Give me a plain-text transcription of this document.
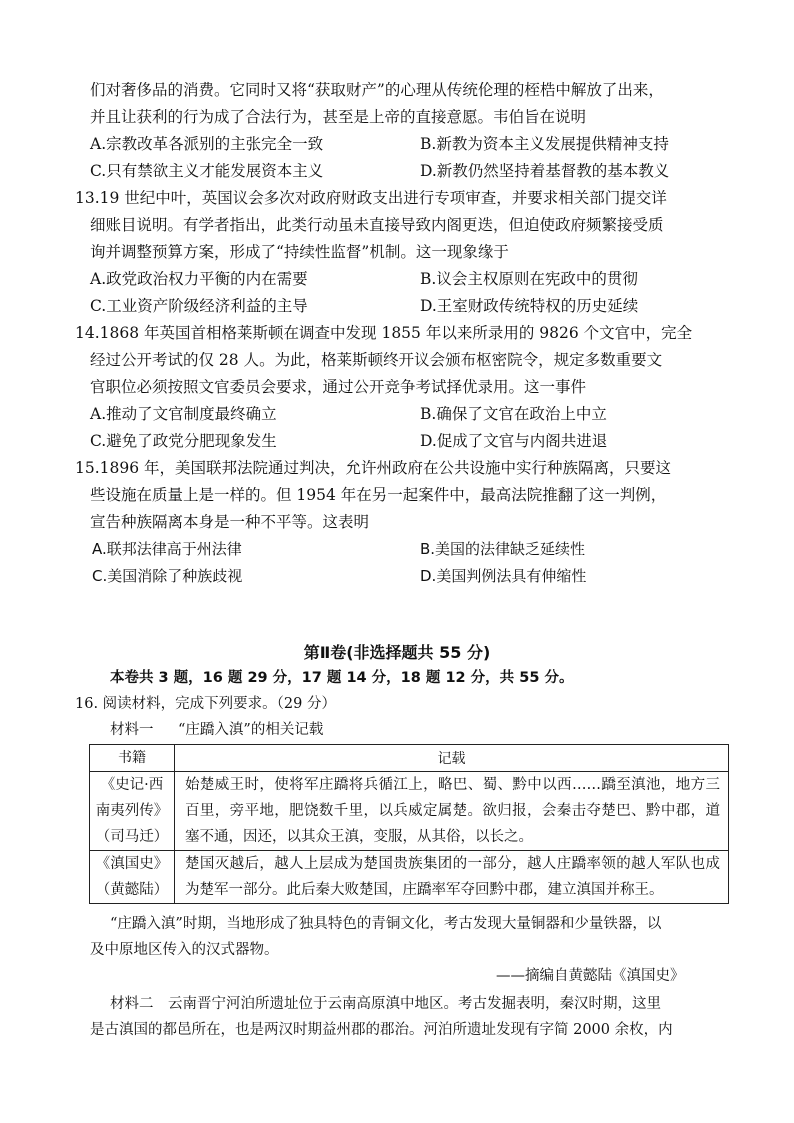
们对奢侈品的消费。它同时又将“获取财产”的心理从传统伦理的桎梏中解放了出来，
并且让获利的行为成了合法行为，甚至是上帝的直接意愿。韦伯旨在说明
A.宗教改革各派别的主张完全一致	B.新教为资本主义发展提供精神支持
C.只有禁欲主义才能发展资本主义	D.新教仍然坚持着基督教的基本教义
13.19 世纪中叶，英国议会多次对政府财政支出进行专项审查，并要求相关部门提交详
细账目说明。有学者指出，此类行动虽未直接导致内阁更迭，但迫使政府频繁接受质
询并调整预算方案，形成了“持续性监督”机制。这一现象缘于
A.政党政治权力平衡的内在需要	B.议会主权原则在宪政中的贯彻
C.工业资产阶级经济利益的主导	D.王室财政传统特权的历史延续
14.1868 年英国首相格莱斯顿在调查中发现 1855 年以来所录用的 9826 个文官中，完全
经过公开考试的仅 28 人。为此，格莱斯顿终开议会颁布枢密院令，规定多数重要文
官职位必须按照文官委员会要求，通过公开竞争考试择优录用。这一事件
A.推动了文官制度最终确立	B.确保了文官在政治上中立
C.避免了政党分肥现象发生	D.促成了文官与内阁共进退
15.1896 年，美国联邦法院通过判决，允许州政府在公共设施中实行种族隔离，只要这
些设施在质量上是一样的。但 1954 年在另一起案件中，最高法院推翻了这一判例，
宣告种族隔离本身是一种不平等。这表明
A.联邦法律高于州法律	B.美国的法律缺乏延续性
C.美国消除了种族歧视	D.美国判例法具有伸缩性
第Ⅱ卷(非选择题共 55 分)
本卷共 3 题，16 题 29 分，17 题 14 分，18 题 12 分，共 55 分。
16. 阅读材料，完成下列要求。（29 分）
材料一 “庄蹻入滇”的相关记载
书籍	记载

《史记·西
南夷列传》
（司马迁）	始楚威王时，使将军庄蹻将兵循江上，略巴、蜀、黔中以西……蹻至滇池，地方三百里，旁平地，肥饶数千里，以兵威定属楚。欲归报，会秦击夺楚巴、黔中郡，道塞不通，因还，以其众王滇，变服，从其俗，以长之。

《滇国史》
（黄懿陆）	楚国灭越后，越人上层成为楚国贵族集团的一部分，越人庄蹻率领的越人军队也成为楚军一部分。此后秦大败楚国，庄蹻率军夺回黔中郡，建立滇国并称王。
“庄蹻入滇”时期，当地形成了独具特色的青铜文化，考古发现大量铜器和少量铁器，以
及中原地区传入的汉式器物。
——摘编自黄懿陆《滇国史》
材料二　云南晋宁河泊所遗址位于云南高原滇中地区。考古发掘表明，秦汉时期，这里
是古滇国的都邑所在，也是两汉时期益州郡的郡治。河泊所遗址发现有字简 2000 余枚，内
